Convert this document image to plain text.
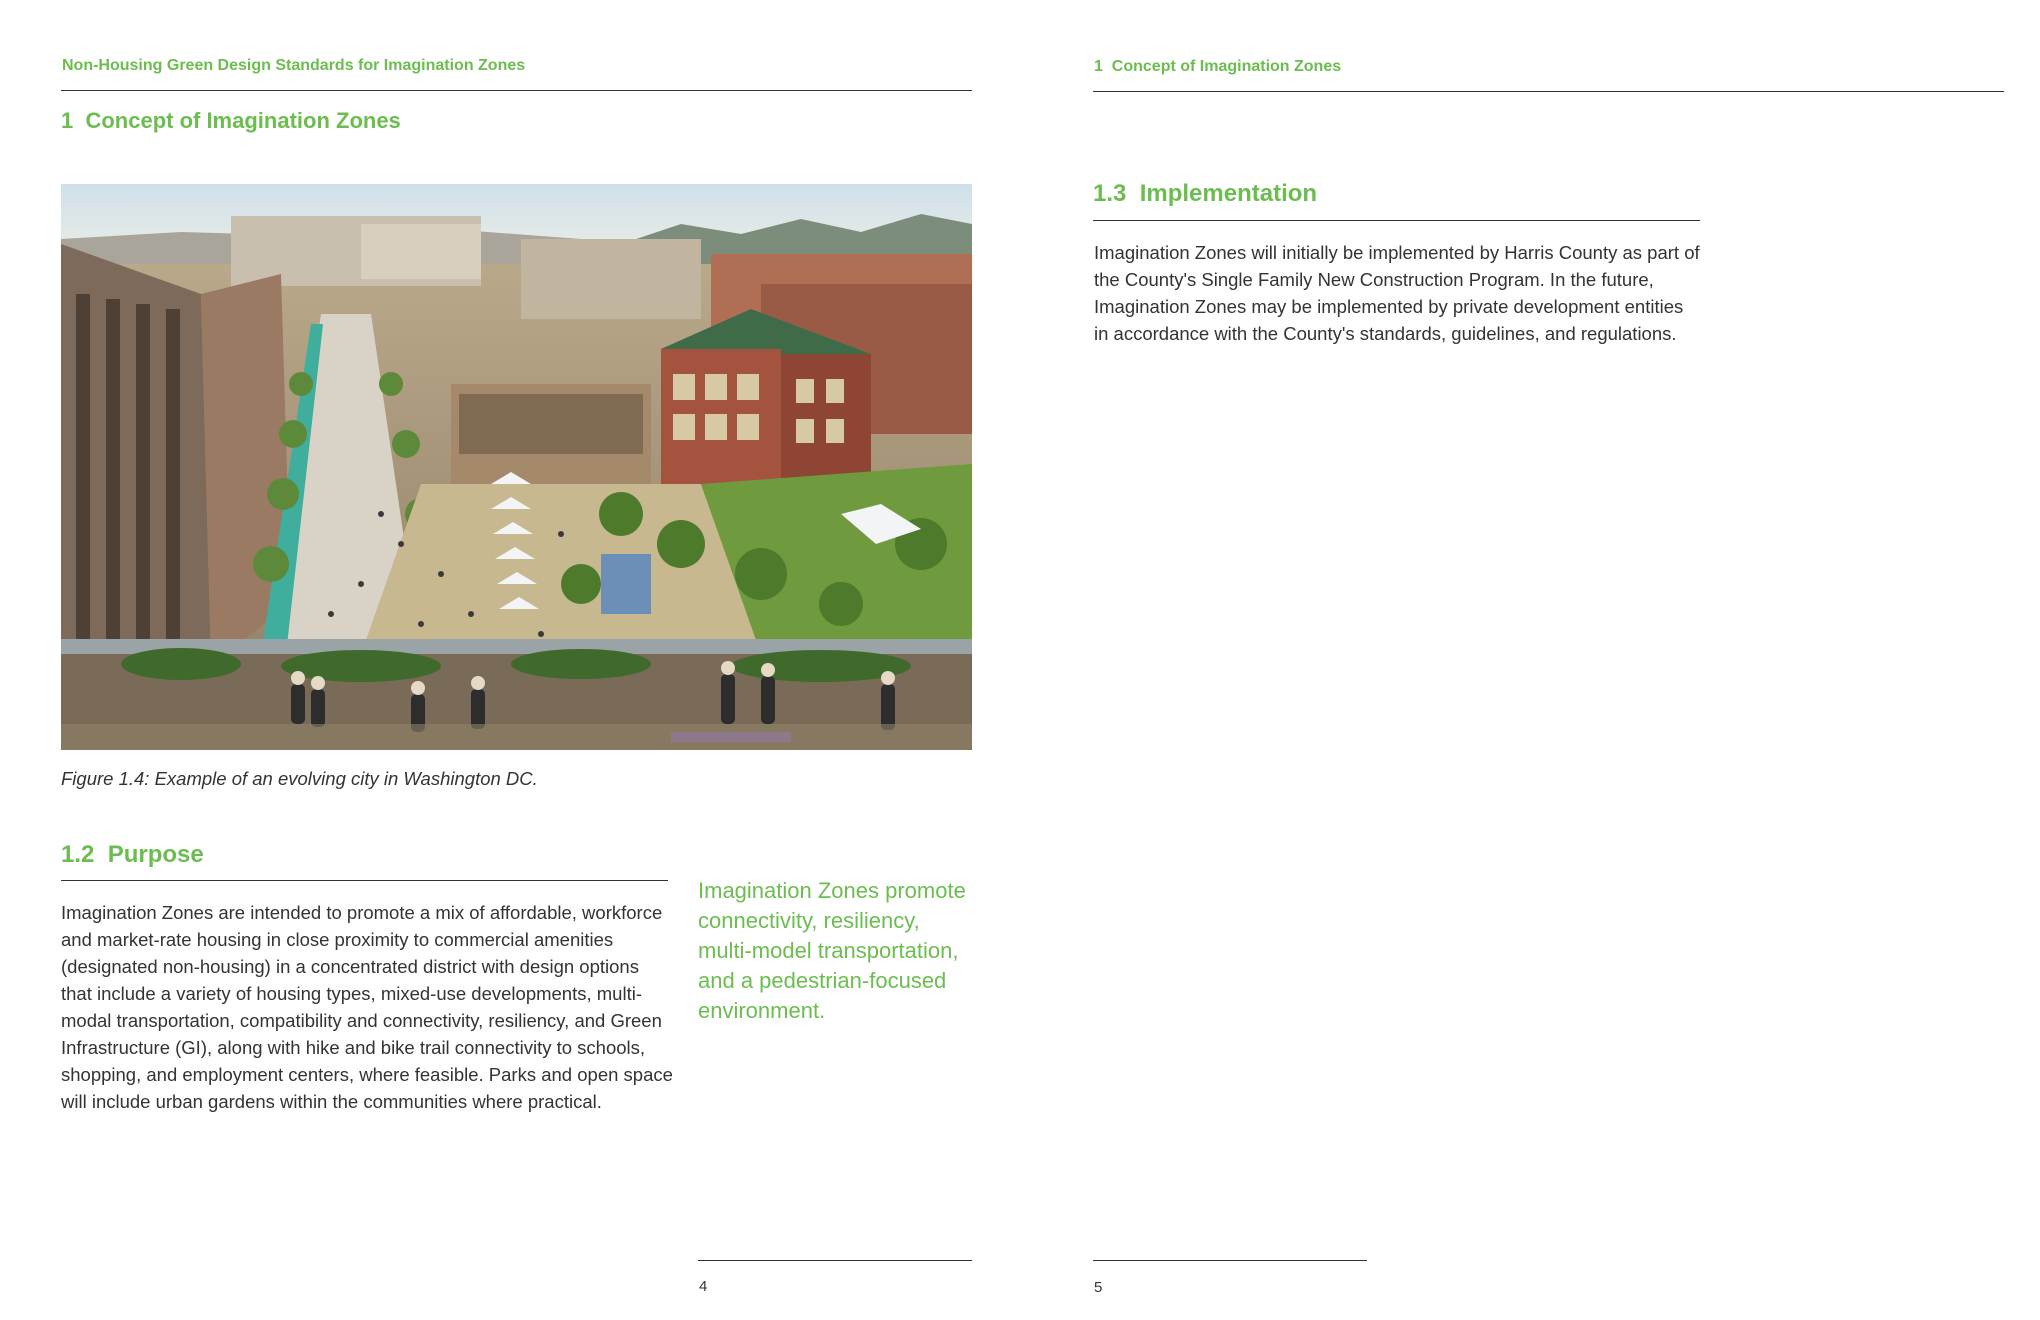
Non-Housing Green Design Standards for Imagination Zones
1  Concept of Imagination Zones
Figure 1.4: Example of an evolving city in Washington DC.
1.2  Purpose
Imagination Zones are intended to promote a mix of affordable, workforce and market-rate housing in close proximity to commercial amenities (designated non-housing) in a concentrated district with design options that include a variety of housing types, mixed-use developments, multi-modal transportation, compatibility and connectivity, resiliency, and Green Infrastructure (GI), along with hike and bike trail connectivity to schools, shopping, and employment centers, where feasible. Parks and open space will include urban gardens within the communities where practical.
Imagination Zones promote connectivity, resiliency, multi-model transportation, and a pedestrian-focused environment.
4
1  Concept of Imagination Zones
1.3  Implementation
Imagination Zones will initially be implemented by Harris County as part of the County's Single Family New Construction Program. In the future, Imagination Zones may be implemented by private development entities in accordance with the County's standards, guidelines, and regulations.
5
